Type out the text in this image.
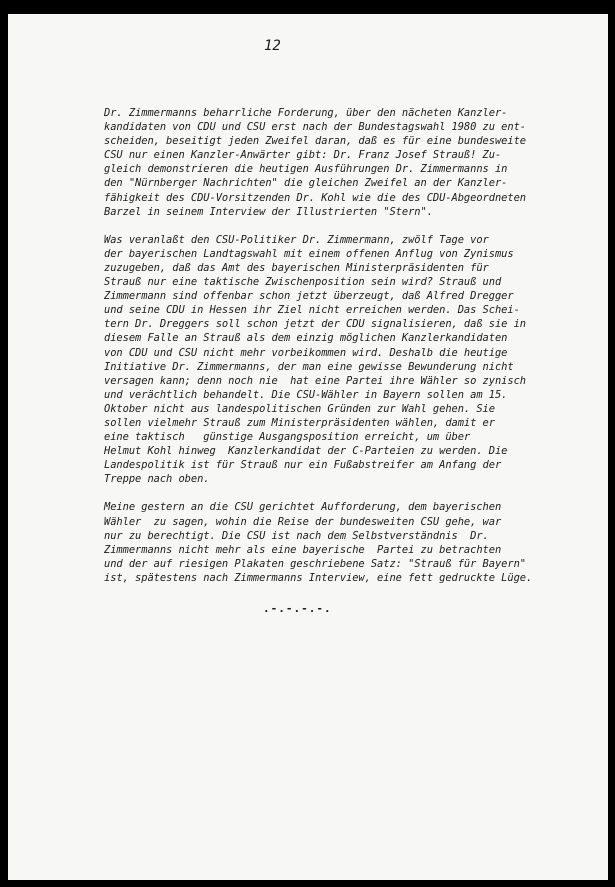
12
Dr. Zimmermanns beharrliche Forderung, über den nächeten Kanzler-
kandidaten von CDU und CSU erst nach der Bundestagswahl 1980 zu ent-
scheiden, beseitigt jeden Zweifel daran, daß es für eine bundesweite
CSU nur einen Kanzler-Anwärter gibt: Dr. Franz Josef Strauß! Zu-
gleich demonstrieren die heutigen Ausführungen Dr. Zimmermanns in
den "Nürnberger Nachrichten" die gleichen Zweifel an der Kanzler-
fähigkeit des CDU-Vorsitzenden Dr. Kohl wie die des CDU-Abgeordneten
Barzel in seinem Interview der Illustrierten "Stern".
Was veranlaßt den CSU-Politiker Dr. Zimmermann, zwölf Tage vor
der bayerischen Landtagswahl mit einem offenen Anflug von Zynismus
zuzugeben, daß das Amt des bayerischen Ministerpräsidenten für
Strauß nur eine taktische Zwischenposition sein wird? Strauß und
Zimmermann sind offenbar schon jetzt überzeugt, daß Alfred Dregger
und seine CDU in Hessen ihr Ziel nicht erreichen werden. Das Schei-
tern Dr. Dreggers soll schon jetzt der CDU signalisieren, daß sie in
diesem Falle an Strauß als dem einzig möglichen Kanzlerkandidaten
von CDU und CSU nicht mehr vorbeikommen wird. Deshalb die heutige
Initiative Dr. Zimmermanns, der man eine gewisse Bewunderung nicht
versagen kann; denn noch nie  hat eine Partei ihre Wähler so zynisch
und verächtlich behandelt. Die CSU-Wähler in Bayern sollen am 15.
Oktober nicht aus landespolitischen Gründen zur Wahl gehen. Sie
sollen vielmehr Strauß zum Ministerpräsidenten wählen, damit er
eine taktisch   günstige Ausgangsposition erreicht, um über
Helmut Kohl hinweg  Kanzlerkandidat der C-Parteien zu werden. Die
Landespolitik ist für Strauß nur ein Fußabstreifer am Anfang der
Treppe nach oben.
Meine gestern an die CSU gerichtet Aufforderung, dem bayerischen
Wähler  zu sagen, wohin die Reise der bundesweiten CSU gehe, war
nur zu berechtigt. Die CSU ist nach dem Selbstverständnis  Dr.
Zimmermanns nicht mehr als eine bayerische  Partei zu betrachten
und der auf riesigen Plakaten geschriebene Satz: "Strauß für Bayern"
ist, spätestens nach Zimmermanns Interview, eine fett gedruckte Lüge.
.-.-.-.-.
